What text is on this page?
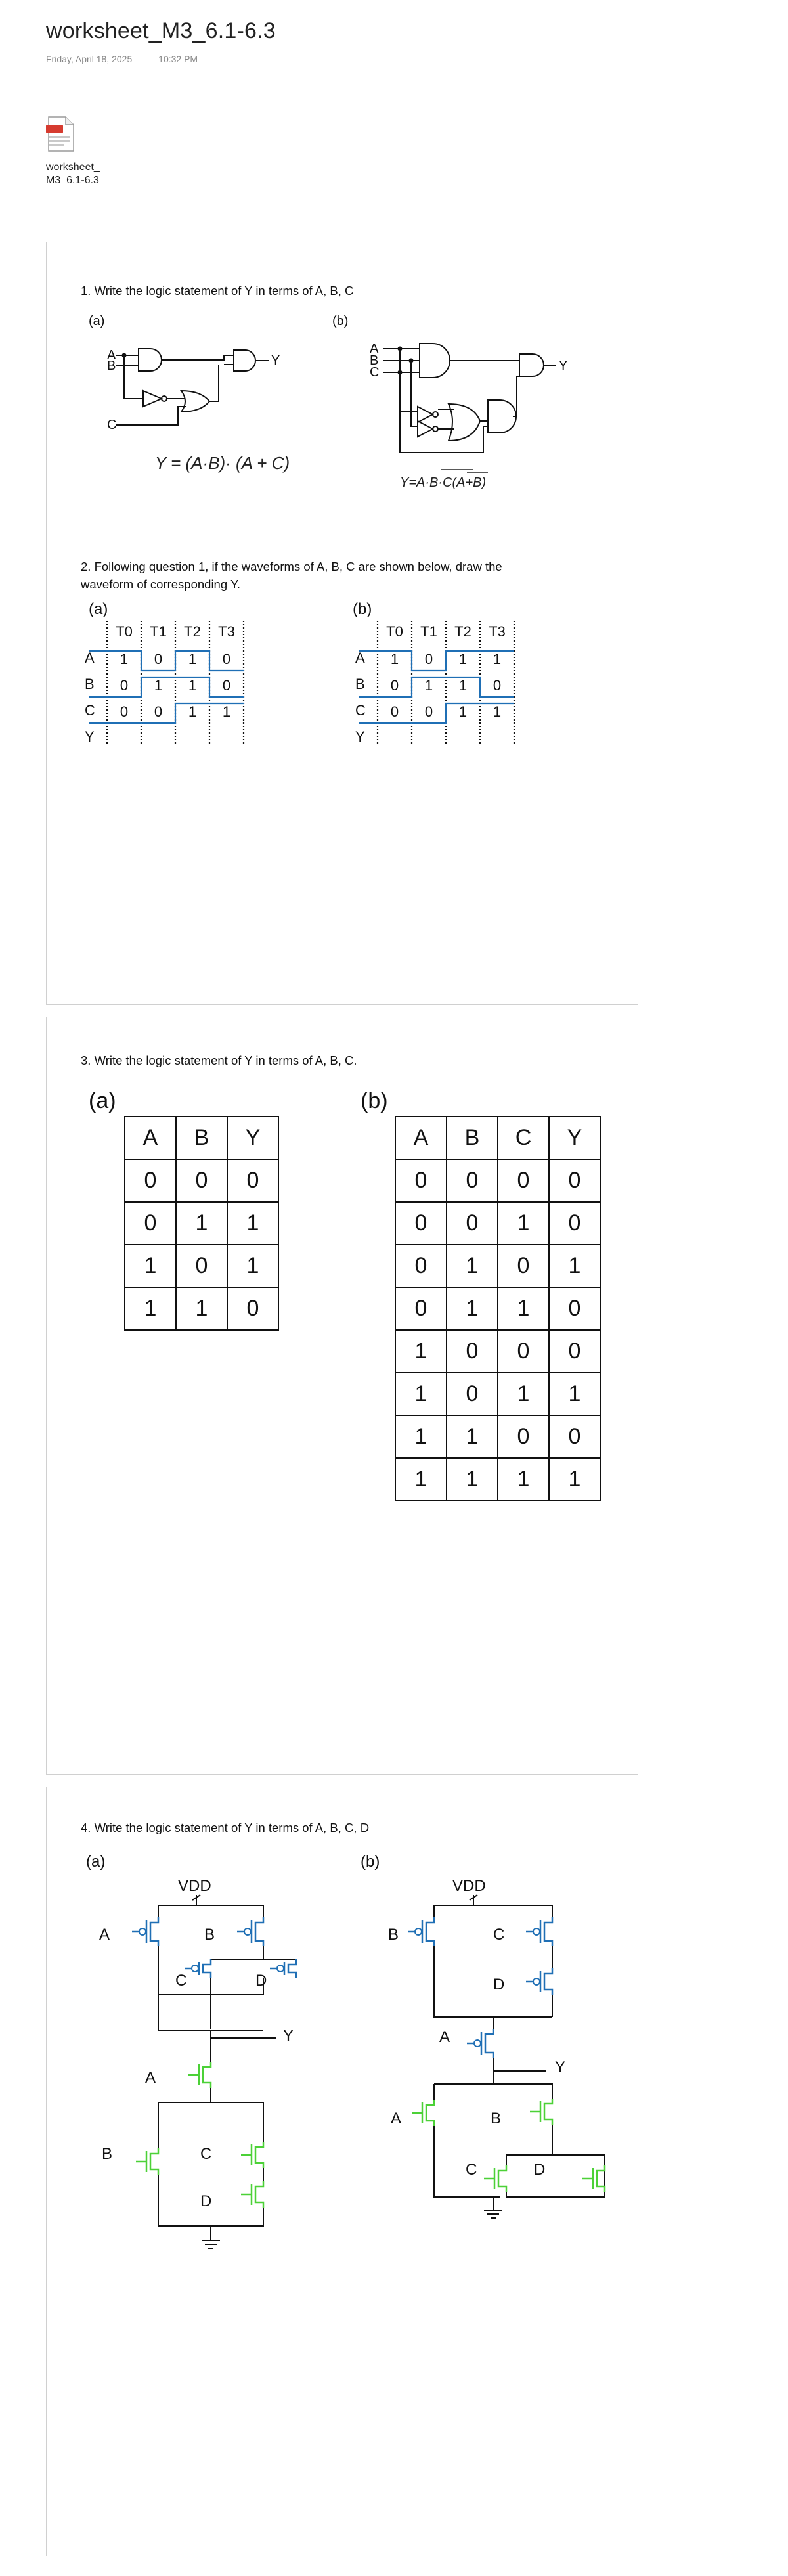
worksheet_M3_6.1-6.3
Friday, April 18, 2025	10:32 PM
worksheet_
M3_6.1-6.3
1. Write the logic statement of Y in terms of A, B, C
(a)	(b)
A
B
C
Y
A
B
C	Y
Y = (A·B)· (A + C)
Y=A·B·C(A+B)
2. Following question 1, if the waveforms of A, B, C are shown below, draw the
waveform of corresponding Y.
(a)	(b)
T0 T1 T2 T3
A
B
C
Y
1 0 1 0
0 1 1 0
0 0 1 1
T0 T1 T2 T3
A
B
C
Y
1 0 1 1
0 1 1 0
0 0 1 1
3. Write the logic statement of Y in terms of A, B, C.
(a)	(b)
A	B	Y
0	0	0
0	1	1
1	0	1
1	1	0
A	B	C	Y
0	0	0	0
0	0	1	0
0	1	0	1
0	1	1	0
1	0	0	0
1	0	1	1
1	1	0	0
1	1	1	1
4. Write the logic statement of Y in terms of A, B, C, D
(a)	(b)
VDD
A	B
C	D
Y
A
B	C
D
VDD
B	C
D
A
Y
A	B
C	D
